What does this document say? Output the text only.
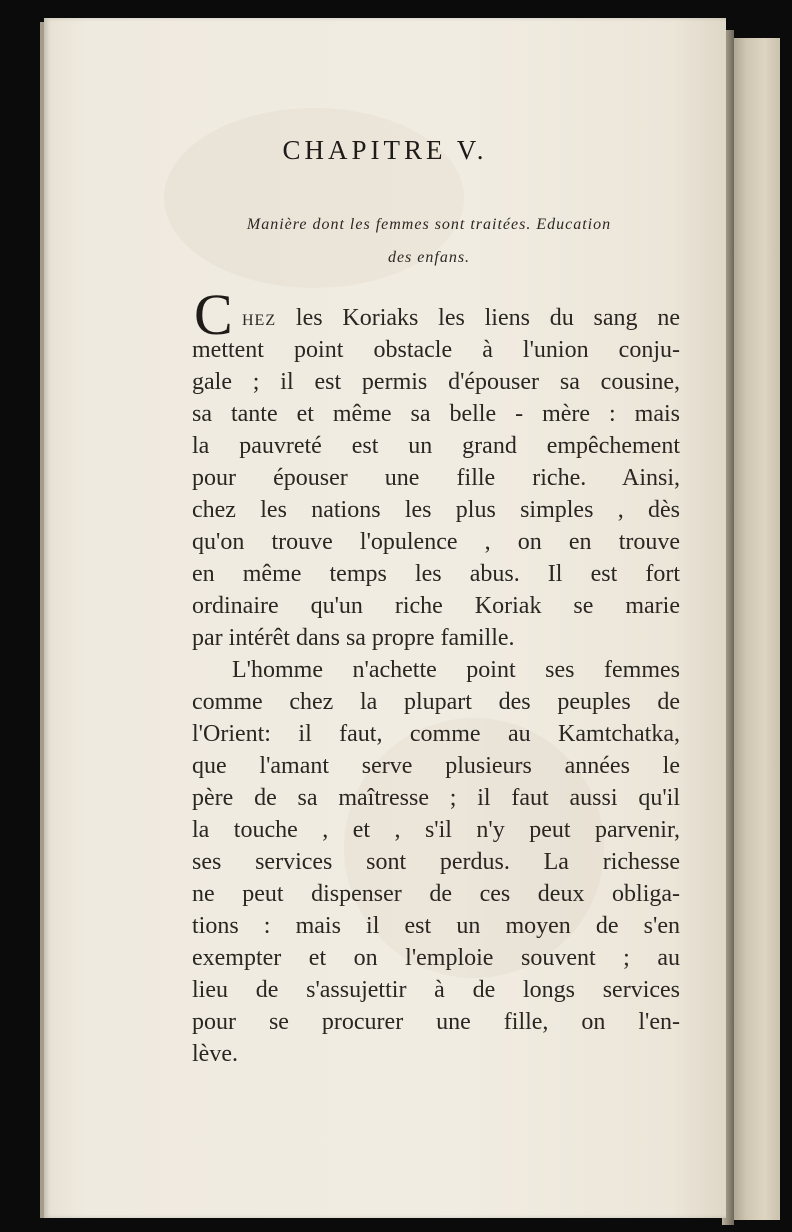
CHAPITRE V.
Manière dont les femmes sont traitées. Education
des enfans.
C HEZ les Koriaks les liens du sang ne
mettent point obstacle à l'union conju-
gale ; il est permis d'épouser sa cousine,
sa tante et même sa belle - mère : mais
la pauvreté est un grand empêchement
pour épouser une fille riche. Ainsi,
chez les nations les plus simples , dès
qu'on trouve l'opulence , on en trouve
en même temps les abus. Il est fort
ordinaire qu'un riche Koriak se marie
par intérêt dans sa propre famille.
L'homme n'achette point ses femmes
comme chez la plupart des peuples de
l'Orient: il faut, comme au Kamtchatka,
que l'amant serve plusieurs années le
père de sa maîtresse ; il faut aussi qu'il
la touche , et , s'il n'y peut parvenir,
ses services sont perdus. La richesse
ne peut dispenser de ces deux obliga-
tions : mais il est un moyen de s'en
exempter et on l'emploie souvent ; au
lieu de s'assujettir à de longs services
pour se procurer une fille, on l'en-
lève.
